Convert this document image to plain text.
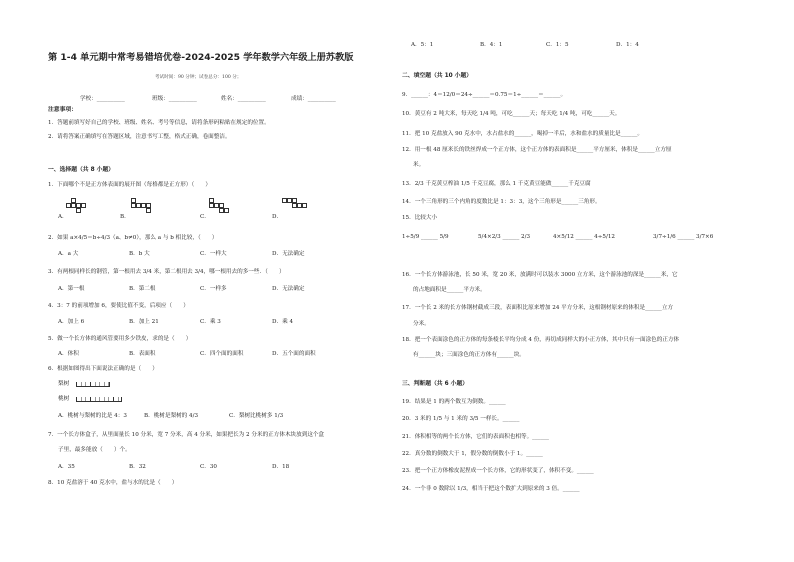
第 1-4 单元期中常考易错培优卷-2024-2025 学年数学六年级上册苏教版
考试时间：90 分钟；试卷总分：100 分；
学校：__________	班级：__________	姓名：__________	成绩：__________
注意事项：
1．答题前填写好自己的学校、班级、姓名、考号等信息，请将条形码粘贴在规定的位置。
2．请将答案正确填写在答题区域，注意书写工整，格式正确，卷面整洁。
一、选择题（共 8 小题）
1．下面哪个不是正方体表面的展开图（每格都是正方形）（　　）
A．	B．	C．	D．
2．如果 a×4/5＝b÷4/3（a、b≠0），那么 a 与 b 相比较，（　　）
A．a 大	B．b 大	C．一样大	D．无法确定
3．有两根同样长的钢管，第一根用去 3/4 米，第二根用去 3/4，哪一根用去的多一些．（　　）
A．第一根	B．第二根	C．一样多	D．无法确定
4．3：7 的前项增加 6，要使比值不变，后项应（　　）
A．加上 6	B．加上 21	C．乘 3	D．乘 4
5．做一个长方体的通风管要用多少铁皮，求的是（　　）
A．体积	B．表面积	C．四个面的面积	D．五个面的面积
6．根据如图得出下面说法正确的是（　　）
梨树
桃树
A．桃树与梨树的比是 4：3	B．桃树是梨树的 4/3	C．梨树比桃树多 1/3
7．一个长方体盒子，从里面量长 10 分米，宽 7 分米，高 4 分米，如果把长为 2 分米的正方体木块放到这个盒
子里，最多能放（　　）个。
A．35	B．32	C．30	D．18
8．10 克盐溶于 40 克水中，盐与水的比是（　　）
A．5：1	B．4：1	C．1：5	D．1：4
二、填空题（共 10 小题）
9．______：4＝12/0＝24÷______＝0.75＝1÷______＝______。
10．黄豆有 2 吨大米，每天吃 1/4 吨，可吃______天；每天吃 1/4 吨，可吃______天。
11．把 10 克盐放入 90 克水中，水占盐水的______，喝掉一半后，水和盐水的质量比是______。
12．用一根 48 厘米长的铁丝焊成一个正方体，这个正方体的表面积是______平方厘米，体积是______立方厘
米。
13．2/3 千克黄豆榨油 1/5 千克豆腐，那么 1 千克黄豆能做______千克豆腐
14．一个三角形的三个内角的度数比是 1：3：3，这个三角形是______三角形。
15．比较大小
1÷5/9 ______ 5/9	5/4×2/3 ______ 2/3	4×5/12 ______ 4÷5/12	3/7÷1/6 ______ 3/7×6
16．一个长方体游泳池，长 50 米，宽 20 米，放满时可以装水 3000 立方米，这个游泳池的深是______米，它
的占地面积是______平方米。
17．一个长 2 米的长方体钢材截成三段，表面积比原来增加 24 平方分米，这根钢材原来的体积是______立方
分米。
18．把一个表面涂色的正方体的每条棱长平均分成 4 份，再切成同样大的小正方体，其中只有一面涂色的正方体
有______块；三面涂色的正方体有______块。
三、判断题（共 6 小题）
19．结果是 1 的两个数互为倒数。______
20．3 米的 1/5 与 1 米的 3/5 一样长。______
21．体积相等的两个长方体，它们的表面积也相等。______
22．真分数的倒数大于 1，假分数的倒数小于 1。______
23．把一个正方体橡皮泥捏成一个长方体，它的形状变了，体积不变。______
24．一个非 0 数除以 1/3，相当于把这个数扩大到原来的 3 倍。______
